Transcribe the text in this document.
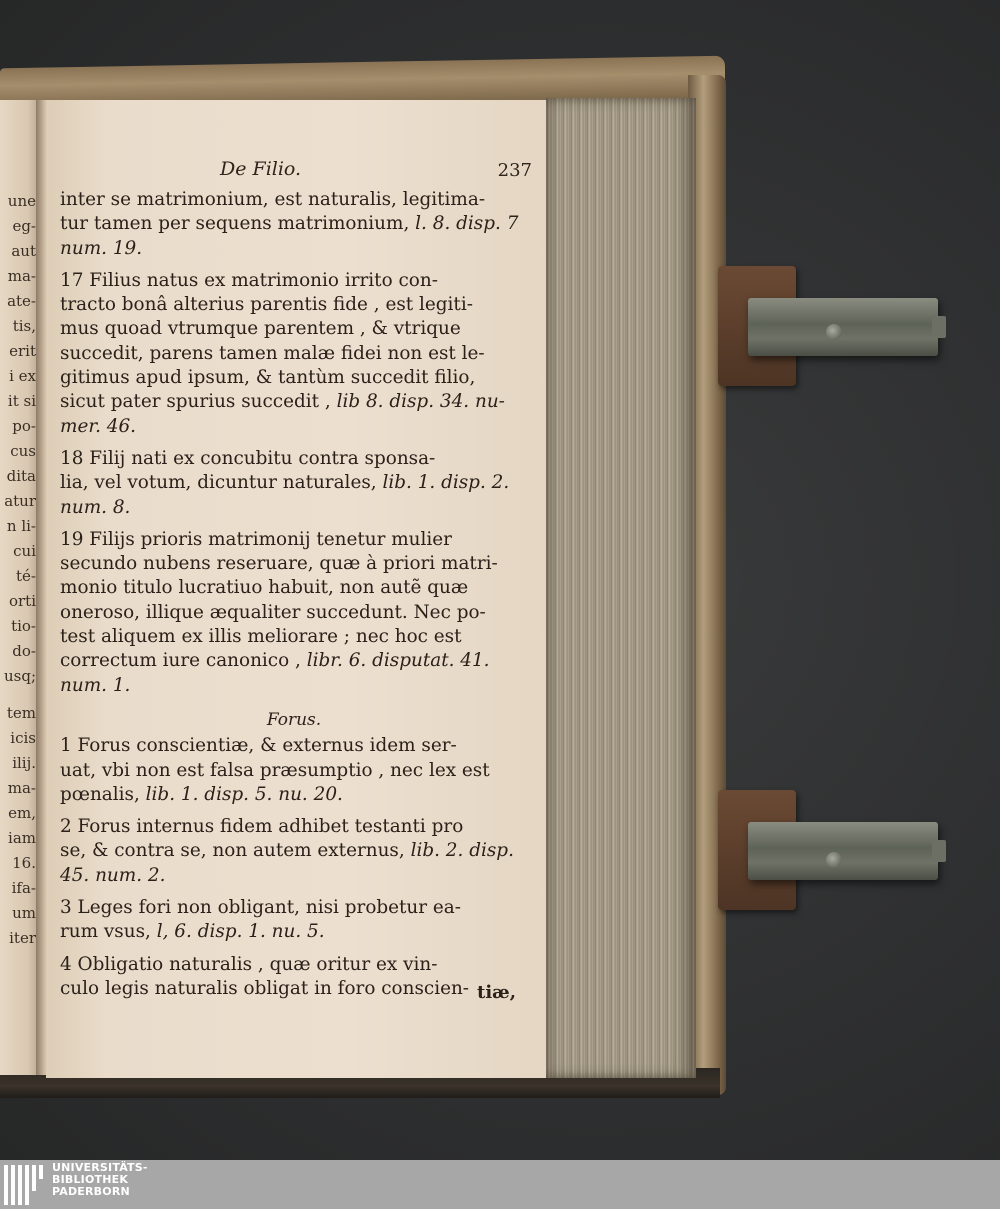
une
eg-
aut
ma-
ate-
tis,
erit
i ex
it si
po-
cus
dita
atur
n li-
cui
té-
orti
tio-
do-
usq;
tem
icis
ilij.
ma-
em,
iam
16.
ifa-
um
iter
De Filio.	237

inter se matrimonium, est naturalis, legitima-

tur tamen per sequens matrimonium, l. 8. disp. 7

num. 19.

17 Filius natus ex matrimonio irrito con-

tracto bonâ alterius parentis fide , est legiti-

mus quoad vtrumque parentem , & vtrique

succedit, parens tamen malæ fidei non est le-

gitimus apud ipsum, & tantùm succedit filio,

sicut pater spurius succedit , lib 8. disp. 34. nu-

mer. 46.

18 Filij nati ex concubitu contra sponsa-

lia, vel votum, dicuntur naturales, lib. 1. disp. 2.

num. 8.

19 Filijs prioris matrimonij tenetur mulier

secundo nubens reseruare, quæ à priori matri-

monio titulo lucratiuo habuit, non autẽ quæ

oneroso, illique æqualiter succedunt. Nec po-

test aliquem ex illis meliorare ; nec hoc est

correctum iure canonico , libr. 6. disputat. 41.

num. 1.

Forus.

1 Forus conscientiæ, & externus idem ser-

uat, vbi non est falsa præsumptio , nec lex est

pœnalis, lib. 1. disp. 5. nu. 20.

2 Forus internus fidem adhibet testanti pro

se, & contra se, non autem externus, lib. 2. disp.

45. num. 2.

3 Leges fori non obligant, nisi probetur ea-

rum vsus, l, 6. disp. 1. nu. 5.

4 Obligatio naturalis , quæ oritur ex vin-

culo legis naturalis obligat in foro conscien- tiæ,
UNIVERSITÄTS-
BIBLIOTHEK
PADERBORN
